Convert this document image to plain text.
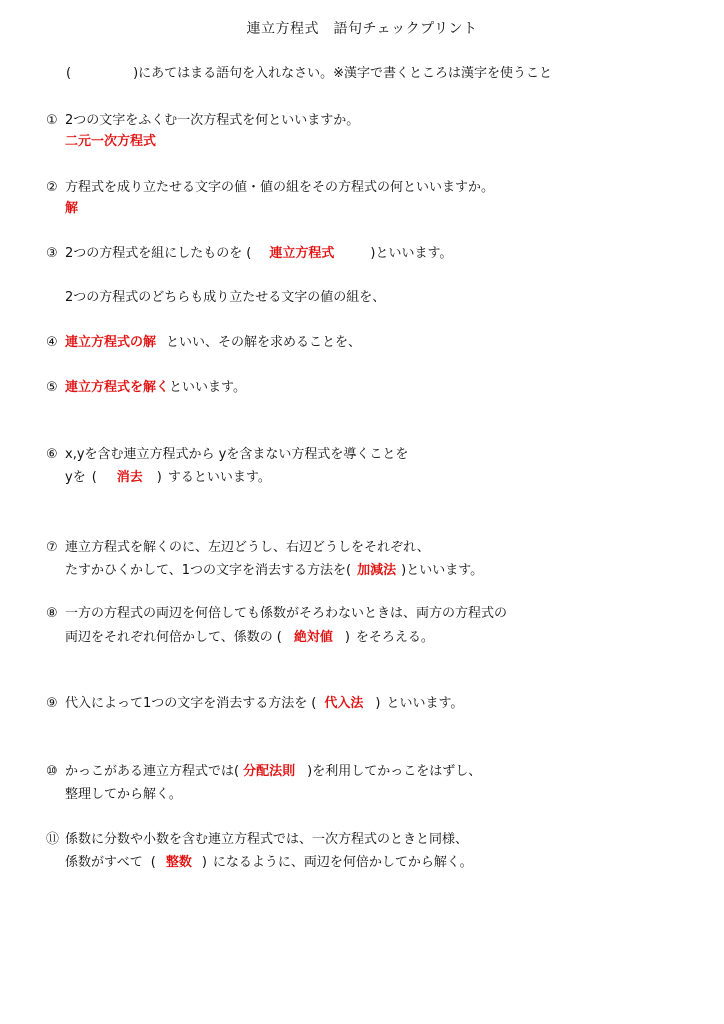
連立方程式　語句チェックプリント
(	)にあてはまる語句を入れなさい。※漢字で書くところは漢字を使うこと
① 2つの文字をふくむ一次方程式を何といいますか。
二元一次方程式
② 方程式を成り立たせる文字の値・値の組をその方程式の何といいますか。
解
③ 2つの方程式を組にしたものを ( 連立方程式	)といいます。
2つの方程式のどちらも成り立たせる文字の値の組を、
④ 連立方程式の解 といい、その解を求めることを、
⑤ 連立方程式を解くといいます。
⑥ x,yを含む連立方程式から yを含まない方程式を導くことを
yを ( 消去 ) するといいます。
⑦ 連立方程式を解くのに、左辺どうし、右辺どうしをそれぞれ、
たすかひくかして、1つの文字を消去する方法を( 加減法 )といいます。
⑧ 一方の方程式の両辺を何倍しても係数がそろわないときは、両方の方程式の
両辺をそれぞれ何倍かして、係数の ( 絶対値 ) をそろえる。
⑨ 代入によって1つの文字を消去する方法を ( 代入法 ) といいます。
⑩ かっこがある連立方程式では( 分配法則 )を利用してかっこをはずし、
整理してから解く。
⑪ 係数に分数や小数を含む連立方程式では、一次方程式のときと同様、
係数がすべて ( 整数 ) になるように、両辺を何倍かしてから解く。
